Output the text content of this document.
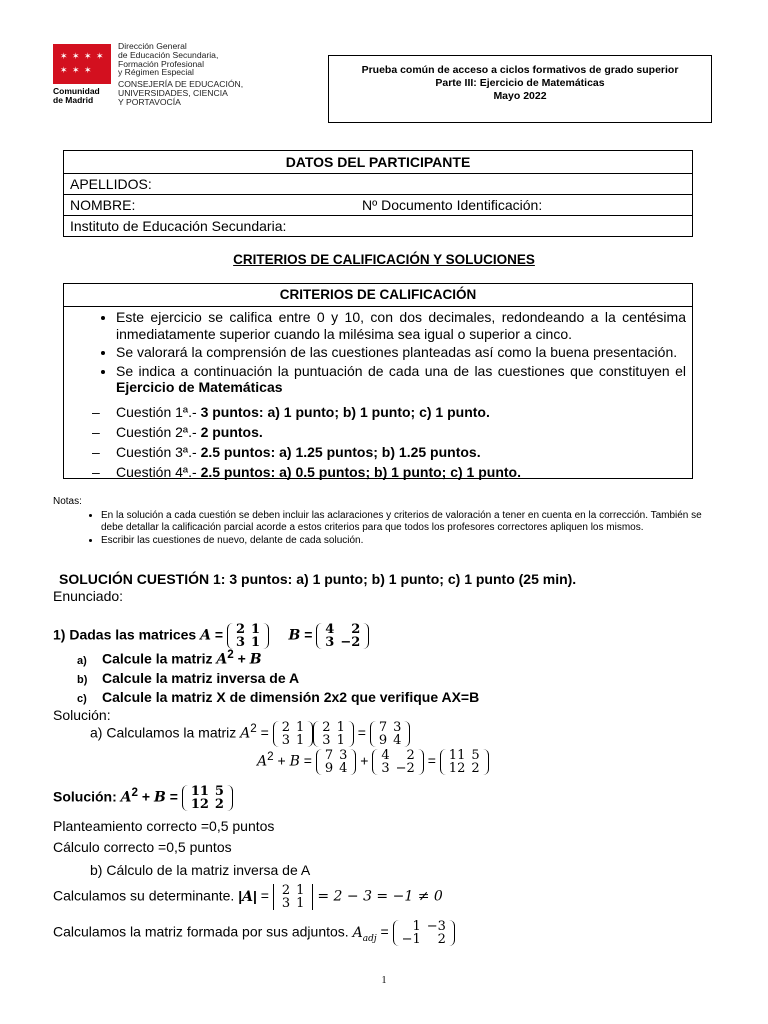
✶ ✶ ✶ ✶
✶ ✶ ✶
Comunidad
de Madrid
Dirección General
de Educación Secundaria,
Formación Profesional
y Régimen Especial
CONSEJERÍA DE EDUCACIÓN,
UNIVERSIDADES, CIENCIA
Y PORTAVOCÍA
Prueba común de acceso a ciclos formativos de grado superior
Parte III: Ejercicio de Matemáticas
Mayo 2022
DATOS DEL PARTICIPANTE
APELLIDOS:

NOMBRE:	Nº Documento Identificación:

Instituto de Educación Secundaria:
CRITERIOS DE CALIFICACIÓN Y SOLUCIONES
CRITERIOS DE CALIFICACIÓN
• Este ejercicio se califica entre 0 y 10, con dos decimales, redondeando a la centésima inmediatamente superior cuando la milésima sea igual o superior a cinco.
• Se valorará la comprensión de las cuestiones planteadas así como la buena presentación.
• Se indica a continuación la puntuación de cada una de las cuestiones que constituyen el Ejercicio de Matemáticas
– Cuestión 1ª.- 3 puntos: a) 1 punto; b) 1 punto; c) 1 punto.
– Cuestión 2ª.- 2 puntos.
– Cuestión 3ª.- 2.5 puntos: a) 1.25 puntos; b) 1.25 puntos.
– Cuestión 4ª.- 2.5 puntos: a) 0.5 puntos; b) 1 punto; c) 1 punto.
Notas:
• En la solución a cada cuestión se deben incluir las aclaraciones y criterios de valoración a tener en cuenta en la corrección. También se debe detallar la calificación parcial acorde a estos criterios para que todos los profesores correctores apliquen los mismos.
• Escribir las cuestiones de nuevo, delante de cada solución.
SOLUCIÓN CUESTIÓN 1: 3 puntos: a) 1 punto; b) 1 punto; c) 1 punto (25 min).
Enunciado:
1) Dadas las matrices A = 2	1
3	1 B = 4	2
3	−2
a) Calcule la matriz $A^2 + B$
b) Calcule la matriz inversa de A
c) Calcule la matriz X de dimensión 2x2 que verifique AX=B
Solución:
a) Calculamos la matriz $A^2 = 2$	1
3	1
2	1
3	1 = 7	3
9	4
$A^2 + B = 7$	3
9	4 + 4	2
3	−2 = 11	5
12	2
Solución: $A^2 + B = 11$	5
12	2
Planteamiento correcto =0,5 puntos
Cálculo correcto =0,5 puntos
b) Cálculo de la matriz inversa de A
Calculamos su determinante. |A| = 2	1
3	1 = 2 − 3 = −1 ≠ 0
Calculamos la matriz formada por sus adjuntos. $A_{adj} = 1$	−3
−1	2
1
